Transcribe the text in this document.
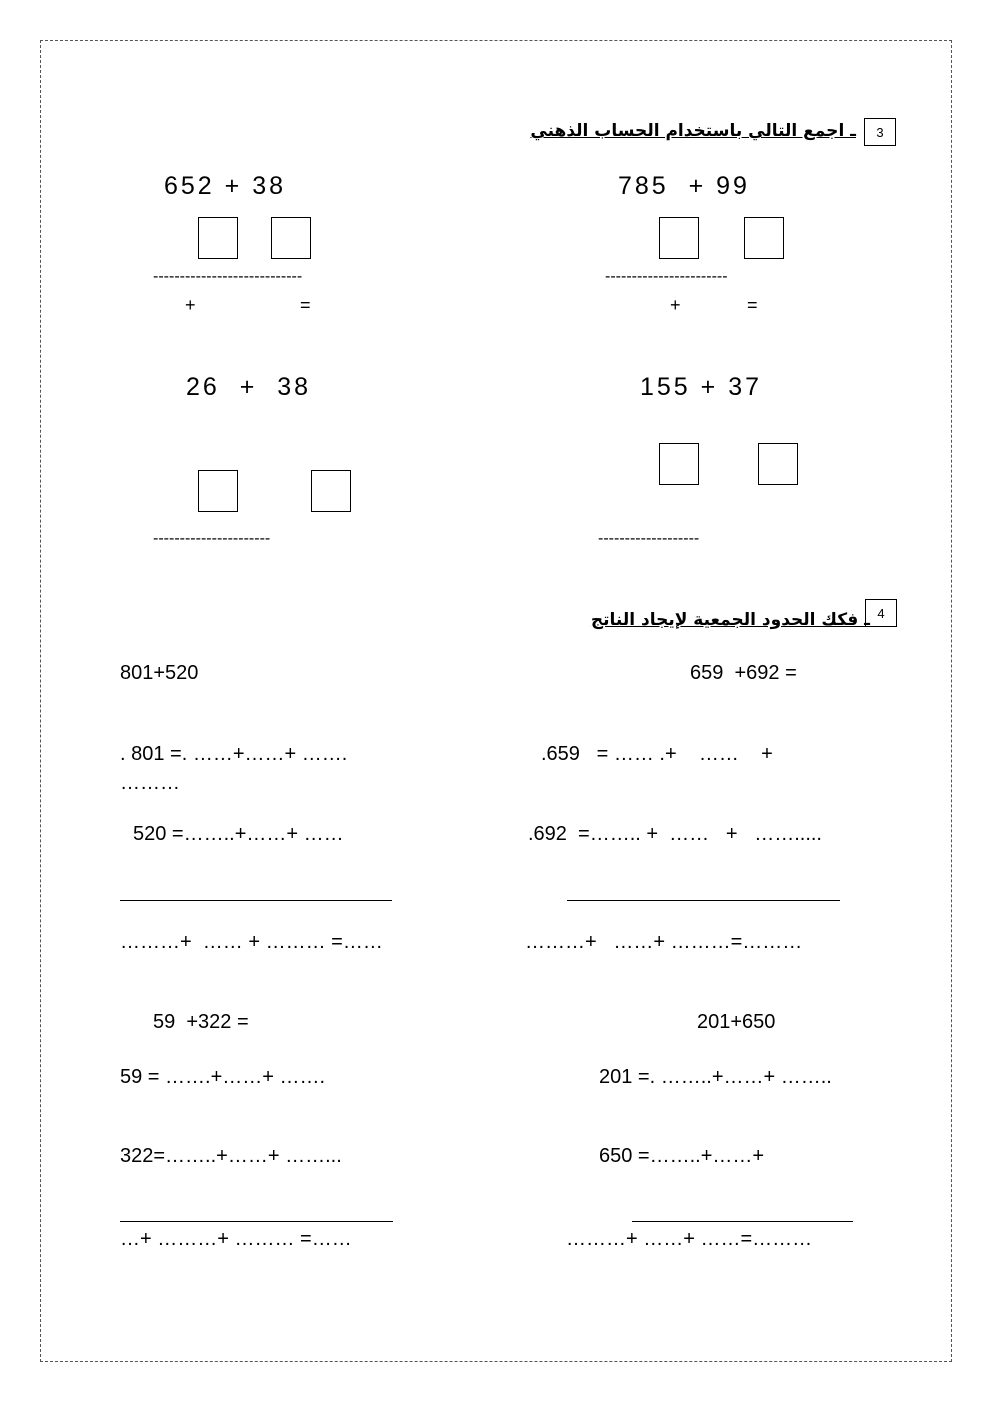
3
ـ اجمع التالي باستخدام الحساب الذهني
652 + 38
----------------------------
+	=
785  + 99
-----------------------
+	=
26  +  38
----------------------
155 + 37
-------------------
4
ـ فكك الحدود الجمعية لإيجاد الناتج
801+520
. 801 =. ……+……+ …….
………
520 =……..+……+ ……
………+  …… + ……… =……
659  +692 =
.659   = …… .+    ……    +
.692  =…….. +  ……   +   …….....
………+   ……+ ………=………
59  +322 =
59 = …….+……+ …….
322=……..+……+ ……...
…+ ………+ ……… =……
201+650
201 =. ……..+……+ ……..
650 =……..+……+
………+ ……+ ……=………
